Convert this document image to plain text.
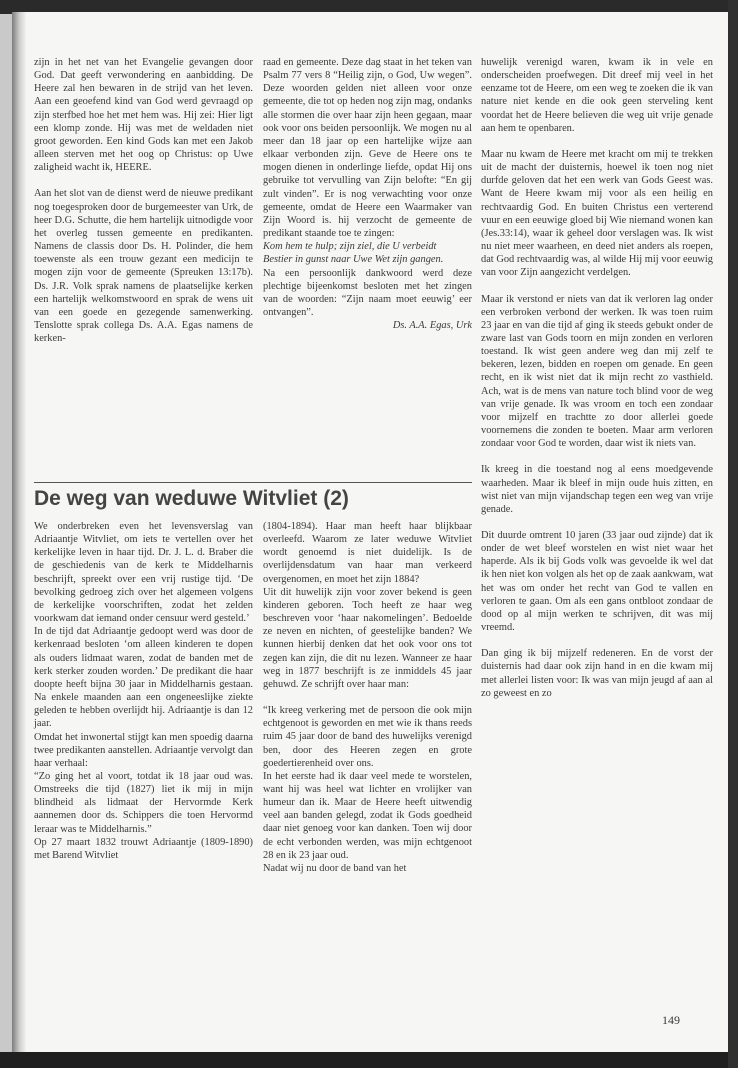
zijn in het net van het Evangelie gevangen door God. Dat geeft verwondering en aanbidding. De Heere zal hen bewaren in de strijd van het leven. Aan een geoefend kind van God werd gevraagd op zijn sterfbed hoe het met hem was. Hij zei: Hier ligt een klomp zonde. Hij was met de weldaden niet groot geworden. Een kind Gods kan met een Jakob alleen sterven met het oog op Christus: op Uwe zaligheid wacht ik, HEERE.

Aan het slot van de dienst werd de nieuwe predikant nog toegesproken door de burgemeester van Urk, de heer D.G. Schutte, die hem hartelijk uitnodigde voor het overleg tussen gemeente en predikanten. Namens de classis door Ds. H. Polinder, die hem toewenste als een trouw gezant een medicijn te mogen zijn voor de gemeente (Spreuken 13:17b). Ds. J.R. Volk sprak namens de plaatselijke kerken een hartelijk welkomstwoord en sprak de wens uit van een goede en gezegende samenwerking. Tenslotte sprak collega Ds. A.A. Egas namens de kerken-

raad en gemeente. Deze dag staat in het teken van Psalm 77 vers 8 “Heilig zijn, o God, Uw wegen”. Deze woorden gelden niet alleen voor onze gemeente, die tot op heden nog zijn mag, ondanks alle stormen die over haar zijn heen gegaan, maar ook voor ons beiden persoonlijk. We mogen nu al meer dan 18 jaar op een hartelijke wijze aan elkaar verbonden zijn. Geve de Heere ons te mogen dienen in onderlinge liefde, opdat Hij ons gebruike tot vervulling van Zijn belofte: “En gij zult vinden”. Er is nog verwachting voor onze gemeente, omdat de Heere een Waarmaker van Zijn Woord is. hij verzocht de gemeente de predikant staande toe te zingen:

Kom hem te hulp; zijn ziel, die U verbeidt

Bestier in gunst naar Uwe Wet zijn gangen.

Na een persoonlijk dankwoord werd deze plechtige bijeenkomst besloten met het zingen van de woorden: “Zijn naam moet eeuwig’ eer ontvangen”.

Ds. A.A. Egas, Urk

De weg van weduwe Witvliet (2)

We onderbreken even het levensverslag van Adriaantje Witvliet, om iets te vertellen over het kerkelijke leven in haar tijd. Dr. J. L. d. Braber die de geschiedenis van de kerk te Middelharnis beschrijft, spreekt over een vrij rustige tijd. ‘De bevolking gedroeg zich over het algemeen volgens de kerkelijke voorschriften, zodat het zelden voorkwam dat iemand onder censuur werd gesteld.’

In de tijd dat Adriaantje gedoopt werd was door de kerkenraad besloten ‘om alleen kinderen te dopen als ouders lidmaat waren, zodat de banden met de kerk sterker zouden worden.’ De predikant die haar doopte heeft bijna 30 jaar in Middelharnis gestaan. Na enkele maanden aan een ongeneeslijke ziekte geleden te hebben overlijdt hij. Adriaantje is dan 12 jaar.

Omdat het inwonertal stijgt kan men spoedig daarna twee predikanten aanstellen. Adriaantje vervolgt dan haar verhaal:

“Zo ging het al voort, totdat ik 18 jaar oud was. Omstreeks die tijd (1827) liet ik mij in mijn blindheid als lidmaat der Hervormde Kerk aannemen door ds. Schippers die toen Hervormd leraar was te Middelharnis.”

Op 27 maart 1832 trouwt Adriaantje (1809-1890) met Barend Witvliet

(1804-1894). Haar man heeft haar blijkbaar overleefd. Waarom ze later weduwe Witvliet wordt genoemd is niet duidelijk. Is de overlijdensdatum van haar man verkeerd overgenomen, en moet het zijn 1884?

Uit dit huwelijk zijn voor zover bekend is geen kinderen geboren. Toch heeft ze haar weg beschreven voor ‘haar nakomelingen’. Bedoelde ze neven en nichten, of geestelijke banden? We kunnen hierbij denken dat het ook voor ons tot zegen kan zijn, die dit nu lezen. Wanneer ze haar weg in 1877 beschrijft is ze inmiddels 45 jaar gehuwd. Ze schrijft over haar man:

“Ik kreeg verkering met de persoon die ook mijn echtgenoot is geworden en met wie ik thans reeds ruim 45 jaar door de band des huwelijks verenigd ben, door des Heeren zegen en grote goedertierenheid over ons.

In het eerste had ik daar veel mede te worstelen, want hij was heel wat lichter en vrolijker van humeur dan ik. Maar de Heere heeft uitwendig veel aan banden gelegd, zodat ik Gods goedheid daar niet genoeg voor kan danken. Toen wij door de echt verbonden werden, was mijn echtgenoot 28 en ik 23 jaar oud.

Nadat wij nu door de band van het

huwelijk verenigd waren, kwam ik in vele en onderscheiden proefwegen. Dit dreef mij veel in het eenzame tot de Heere, om een weg te zoeken die ik van nature niet kende en die ook geen sterveling kent voordat het de Heere believen die weg uit vrije genade aan hem te openbaren.

Maar nu kwam de Heere met kracht om mij te trekken uit de macht der duisternis, hoewel ik toen nog niet durfde geloven dat het een werk van Gods Geest was. Want de Heere kwam mij voor als een heilig en rechtvaardig God. En buiten Christus een verterend vuur en een eeuwige gloed bij Wie niemand wonen kan (Jes.33:14), waar ik geheel door verslagen was. Ik wist nu niet meer waarheen, en deed niet anders als roepen, dat God rechtvaardig was, al wilde Hij mij voor eeuwig van voor Zijn aangezicht verdelgen.

Maar ik verstond er niets van dat ik verloren lag onder een verbroken verbond der werken. Ik was toen ruim 23 jaar en van die tijd af ging ik steeds gebukt onder de zware last van Gods toorn en mijn zonden en verloren toestand. Ik wist geen andere weg dan mij zelf te bekeren, lezen, bidden en roepen om genade. En geen recht, en ik wist niet dat ik mijn recht zo vasthield. Ach, wat is de mens van nature toch blind voor de weg van vrije genade. Ik was vroom en toch een zondaar voor mijzelf en trachtte zo door allerlei goede voornemens die zonden te boeten. Maar arm verloren zondaar voor God te worden, daar wist ik niets van.

Ik kreeg in die toestand nog al eens moedgevende waarheden. Maar ik bleef in mijn oude huis zitten, en wist niet van mijn vijandschap tegen een weg van vrije genade.

Dit duurde omtrent 10 jaren (33 jaar oud zijnde) dat ik onder de wet bleef worstelen en wist niet waar het haperde. Als ik bij Gods volk was gevoelde ik wel dat ik hen niet kon volgen als het op de zaak aankwam, wat het was om onder het recht van God te vallen en verloren te gaan. Om als een gans ontbloot zondaar de dood op al mijn werken te schrijven, dit was mij vreemd.

Dan ging ik bij mijzelf redeneren. En de vorst der duisternis had daar ook zijn hand in en die kwam mij met allerlei listen voor: Ik was van mijn jeugd af aan al zo geweest en zo

149
